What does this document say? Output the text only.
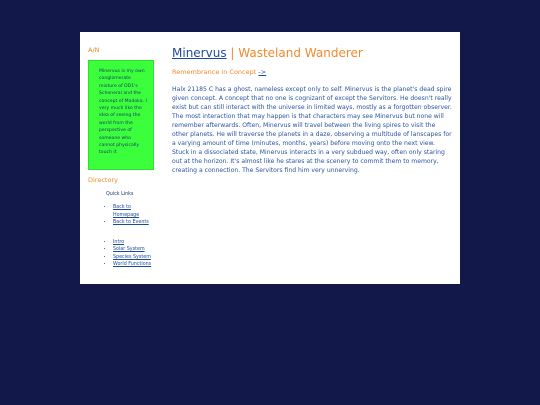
A/N

Minervus is my own conglomerate mixture of DD1's Scheneral and the concept of Madoka. I very much like the idea of seeing the world from the perspective of someone who cannot physically touch it

Directory

Quick Links

• Back to Homepage
• Back to Events
• Intro
• Solar System
• Species System
• World Functions

Minervus | Wasteland Wanderer

Remembrance in Concept ->

Halx 21185 C has a ghost, nameless except only to self. Minervus is the planet's dead spire given concept. A concept that no one is cognizant of except the Servitors. He doesn't really exist but can still interact with the universe in limited ways, mostly as a forgotten observer. The most interaction that may happen is that characters may see Minervus but none will remember afterwards. Often, Minervus will travel between the living spires to visit the other planets. He will traverse the planets in a daze, observing a multitude of lanscapes for a varying amount of time (minutes, months, years) before moving onto the next view. Stuck in a dissociated state, Minervus interacts in a very subdued way, often only staring out at the horizon. It's almost like he stares at the scenery to commit them to memory, creating a connection. The Servitors find him very unnerving.
